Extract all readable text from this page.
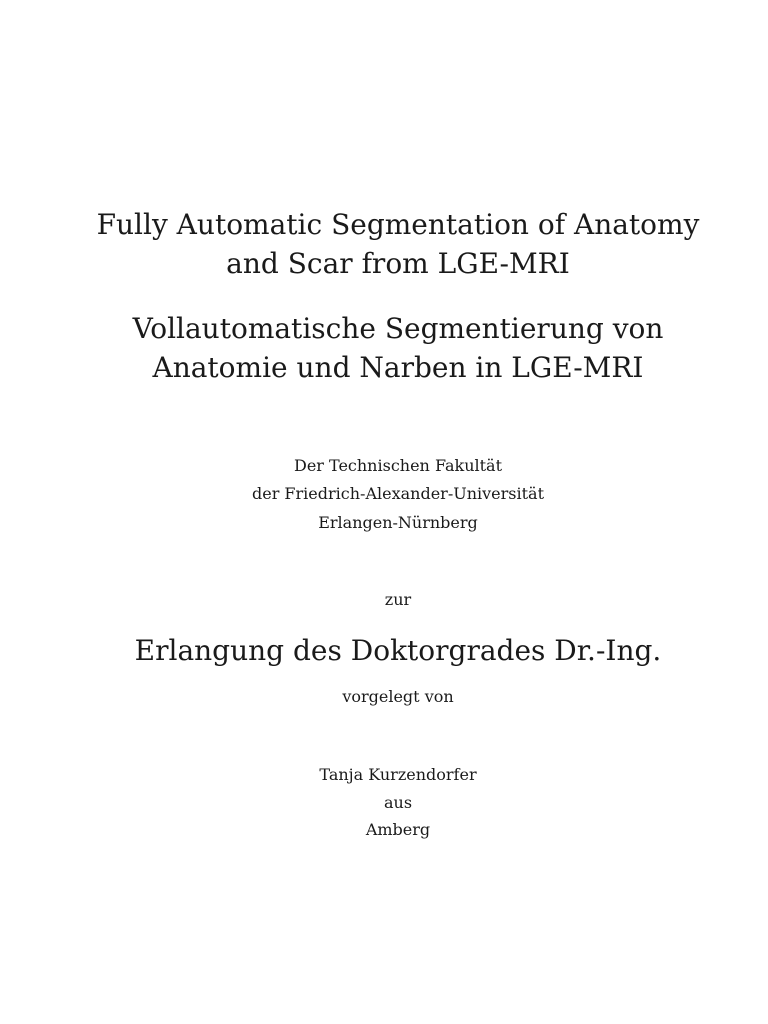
Fully Automatic Segmentation of Anatomy
and Scar from LGE-MRI
Vollautomatische Segmentierung von
Anatomie und Narben in LGE-MRI
Der Technischen Fakultät
der Friedrich-Alexander-Universität
Erlangen-Nürnberg
zur
Erlangung des Doktorgrades Dr.-Ing.
vorgelegt von
Tanja Kurzendorfer
aus
Amberg
